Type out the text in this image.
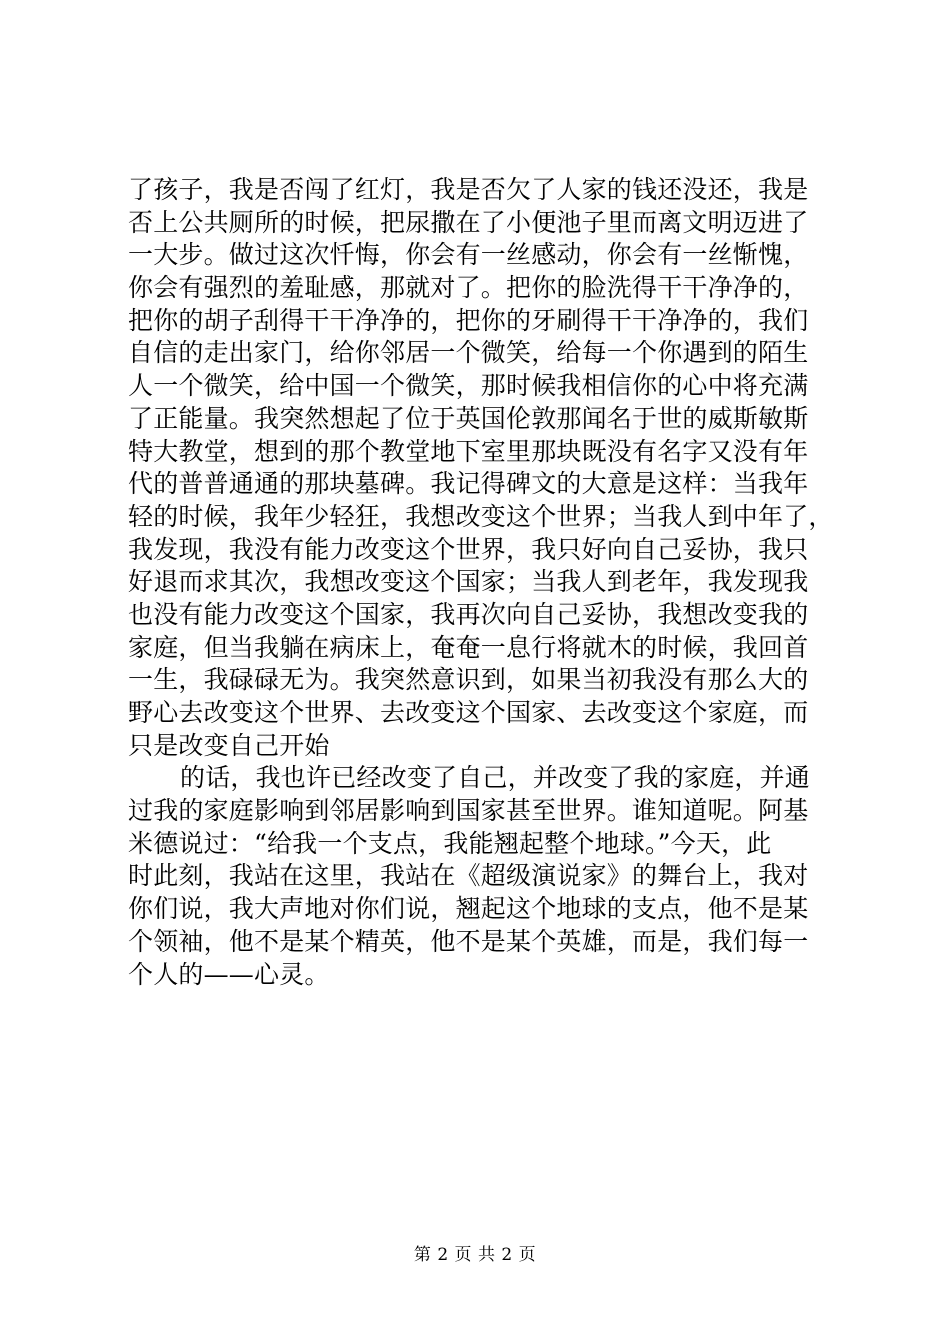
了孩子，我是否闯了红灯，我是否欠了人家的钱还没还，我是
否上公共厕所的时候，把尿撒在了小便池子里而离文明迈进了
一大步。做过这次忏悔，你会有一丝感动，你会有一丝惭愧，
你会有强烈的羞耻感，那就对了。把你的脸洗得干干净净的，
把你的胡子刮得干干净净的，把你的牙刷得干干净净的，我们
自信的走出家门，给你邻居一个微笑，给每一个你遇到的陌生
人一个微笑，给中国一个微笑，那时候我相信你的心中将充满
了正能量。我突然想起了位于英国伦敦那闻名于世的威斯敏斯
特大教堂，想到的那个教堂地下室里那块既没有名字又没有年
代的普普通通的那块墓碑。我记得碑文的大意是这样：当我年
轻的时候，我年少轻狂，我想改变这个世界；当我人到中年了，
我发现，我没有能力改变这个世界，我只好向自己妥协，我只
好退而求其次，我想改变这个国家；当我人到老年，我发现我
也没有能力改变这个国家，我再次向自己妥协，我想改变我的
家庭，但当我躺在病床上，奄奄一息行将就木的时候，我回首
一生，我碌碌无为。我突然意识到，如果当初我没有那么大的
野心去改变这个世界、去改变这个国家、去改变这个家庭，而
只是改变自己开始
的话，我也许已经改变了自己，并改变了我的家庭，并通
过我的家庭影响到邻居影响到国家甚至世界。谁知道呢。阿基
米德说过：“给我一个支点，我能翘起整个地球。”今天，此
时此刻，我站在这里，我站在《超级演说家》的舞台上，我对
你们说，我大声地对你们说，翘起这个地球的支点，他不是某
个领袖，他不是某个精英，他不是某个英雄，而是，我们每一
个人的——心灵。
第 2 页 共 2 页
